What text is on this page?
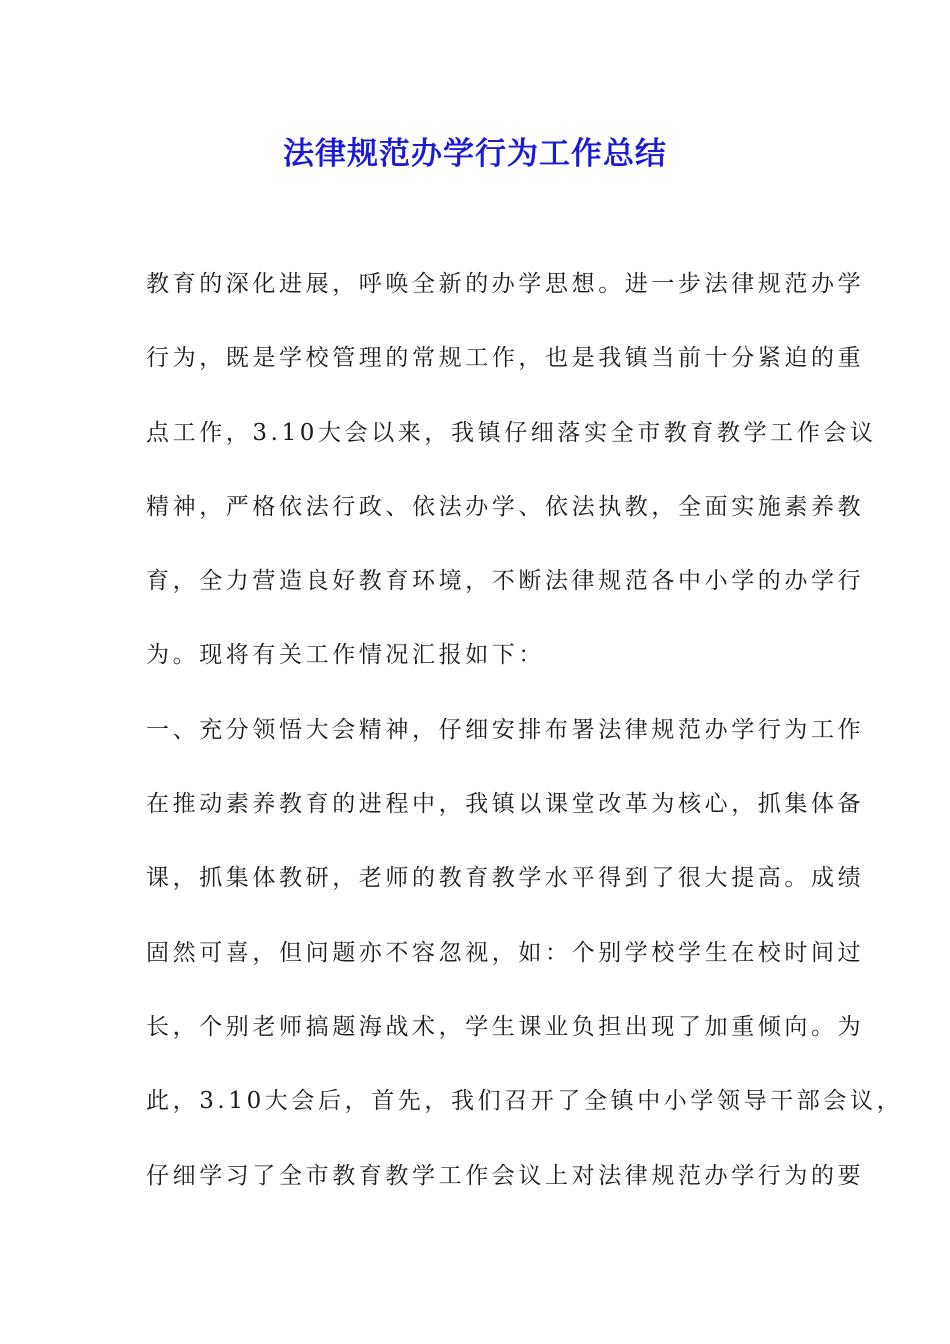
法律规范办学行为工作总结
教育的深化进展，呼唤全新的办学思想。进一步法律规范办学
行为，既是学校管理的常规工作，也是我镇当前十分紧迫的重
点工作，3.10大会以来，我镇仔细落实全市教育教学工作会议
精神，严格依法行政、依法办学、依法执教，全面实施素养教
育，全力营造良好教育环境，不断法律规范各中小学的办学行
为。现将有关工作情况汇报如下：
一、充分领悟大会精神，仔细安排布署法律规范办学行为工作
在推动素养教育的进程中，我镇以课堂改革为核心，抓集体备
课，抓集体教研，老师的教育教学水平得到了很大提高。成绩
固然可喜，但问题亦不容忽视，如：个别学校学生在校时间过
长，个别老师搞题海战术，学生课业负担出现了加重倾向。为
此，3.10大会后，首先，我们召开了全镇中小学领导干部会议，
仔细学习了全市教育教学工作会议上对法律规范办学行为的要
